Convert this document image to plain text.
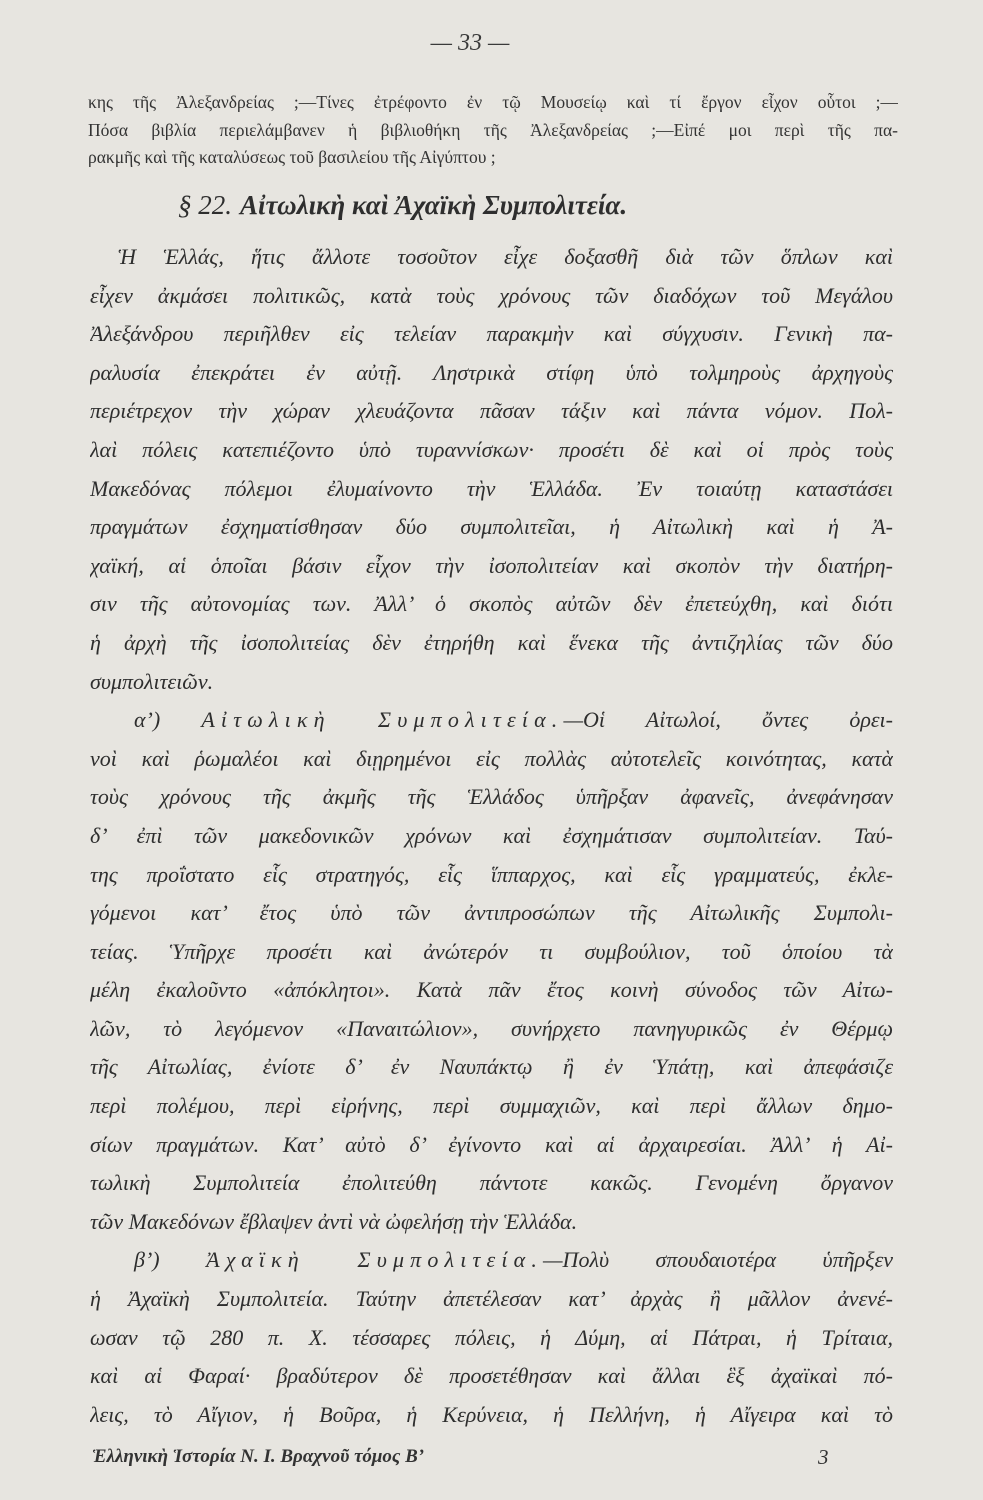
— 33 —
κης τῆς Ἀλεξανδρείας ;—Τίνες ἐτρέφοντο ἐν τῷ Μουσείῳ καὶ τί ἔργον εἶχον οὗτοι ;—
Πόσα βιβλία περιελάμβανεν ἡ βιβλιοθήκη τῆς Ἀλεξανδρείας ;—Εἰπέ μοι περὶ τῆς πα-
ρακμῆς καὶ τῆς καταλύσεως τοῦ βασιλείου τῆς Αἰγύπτου ;
§ 22. Αἰτωλικὴ καὶ Ἀχαϊκὴ Συμπολιτεία.
Ἡ Ἑλλάς, ἥτις ἄλλοτε τοσοῦτον εἶχε δοξασθῆ διὰ τῶν ὅπλων καὶ
εἶχεν ἀκμάσει πολιτικῶς, κατὰ τοὺς χρόνους τῶν διαδόχων τοῦ Μεγάλου
Ἀλεξάνδρου περιῆλθεν εἰς τελείαν παρακμὴν καὶ σύγχυσιν. Γενικὴ πα-
ραλυσία ἐπεκράτει ἐν αὐτῇ. Ληστρικὰ στίφη ὑπὸ τολμηροὺς ἀρχηγοὺς
περιέτρεχον τὴν χώραν χλευάζοντα πᾶσαν τάξιν καὶ πάντα νόμον. Πολ-
λαὶ πόλεις κατεπιέζοντο ὑπὸ τυραννίσκων· προσέτι δὲ καὶ οἱ πρὸς τοὺς
Μακεδόνας πόλεμοι ἐλυμαίνοντο τὴν Ἑλλάδα. Ἐν τοιαύτῃ καταστάσει
πραγμάτων ἐσχηματίσθησαν δύο συμπολιτεῖαι, ἡ Αἰτωλικὴ καὶ ἡ Ἀ-
χαϊκή, αἱ ὁποῖαι βάσιν εἶχον τὴν ἰσοπολιτείαν καὶ σκοπὸν τὴν διατήρη-
σιν τῆς αὐτονομίας των. Ἀλλ’ ὁ σκοπὸς αὐτῶν δὲν ἐπετεύχθη, καὶ διότι
ἡ ἀρχὴ τῆς ἰσοπολιτείας δὲν ἐτηρήθη καὶ ἕνεκα τῆς ἀντιζηλίας τῶν δύο
συμπολιτειῶν.
α’) Αἰτωλικὴ Συμπολιτεία.—Οἱ Αἰτωλοί, ὄντες ὀρει-
νοὶ καὶ ῥωμαλέοι καὶ διῃρημένοι εἰς πολλὰς αὐτοτελεῖς κοινότητας, κατὰ
τοὺς χρόνους τῆς ἀκμῆς τῆς Ἑλλάδος ὑπῆρξαν ἀφανεῖς, ἀνεφάνησαν
δ’ ἐπὶ τῶν μακεδονικῶν χρόνων καὶ ἐσχημάτισαν συμπολιτείαν. Ταύ-
της προΐστατο εἷς στρατηγός, εἷς ἵππαρχος, καὶ εἷς γραμματεύς, ἐκλε-
γόμενοι κατ’ ἔτος ὑπὸ τῶν ἀντιπροσώπων τῆς Αἰτωλικῆς Συμπολι-
τείας. Ὑπῆρχε προσέτι καὶ ἀνώτερόν τι συμβούλιον, τοῦ ὁποίου τὰ
μέλη ἐκαλοῦντο «ἀπόκλητοι». Κατὰ πᾶν ἔτος κοινὴ σύνοδος τῶν Αἰτω-
λῶν, τὸ λεγόμενον «Παναιτώλιον», συνήρχετο πανηγυρικῶς ἐν Θέρμῳ
τῆς Αἰτωλίας, ἐνίοτε δ’ ἐν Ναυπάκτῳ ἢ ἐν Ὑπάτῃ, καὶ ἀπεφάσιζε
περὶ πολέμου, περὶ εἰρήνης, περὶ συμμαχιῶν, καὶ περὶ ἄλλων δημο-
σίων πραγμάτων. Κατ’ αὐτὸ δ’ ἐγίνοντο καὶ αἱ ἀρχαιρεσίαι. Ἀλλ’ ἡ Αἰ-
τωλικὴ Συμπολιτεία ἐπολιτεύθη πάντοτε κακῶς. Γενομένη ὄργανον
τῶν Μακεδόνων ἔβλαψεν ἀντὶ νὰ ὠφελήσῃ τὴν Ἑλλάδα.
β’) Ἀχαϊκὴ Συμπολιτεία.—Πολὺ σπουδαιοτέρα ὑπῆρξεν
ἡ Ἀχαϊκὴ Συμπολιτεία. Ταύτην ἀπετέλεσαν κατ’ ἀρχὰς ἢ μᾶλλον ἀνενέ-
ωσαν τῷ 280 π. Χ. τέσσαρες πόλεις, ἡ Δύμη, αἱ Πάτραι, ἡ Τρίταια,
καὶ αἱ Φαραί· βραδύτερον δὲ προσετέθησαν καὶ ἄλλαι ἓξ ἀχαϊκαὶ πό-
λεις, τὸ Αἴγιον, ἡ Βοῦρα, ἡ Κερύνεια, ἡ Πελλήνη, ἡ Αἴγειρα καὶ τὸ
Ἑλληνικὴ Ἱστορία Ν. Ι. Βραχνοῦ τόμος Β’	3
